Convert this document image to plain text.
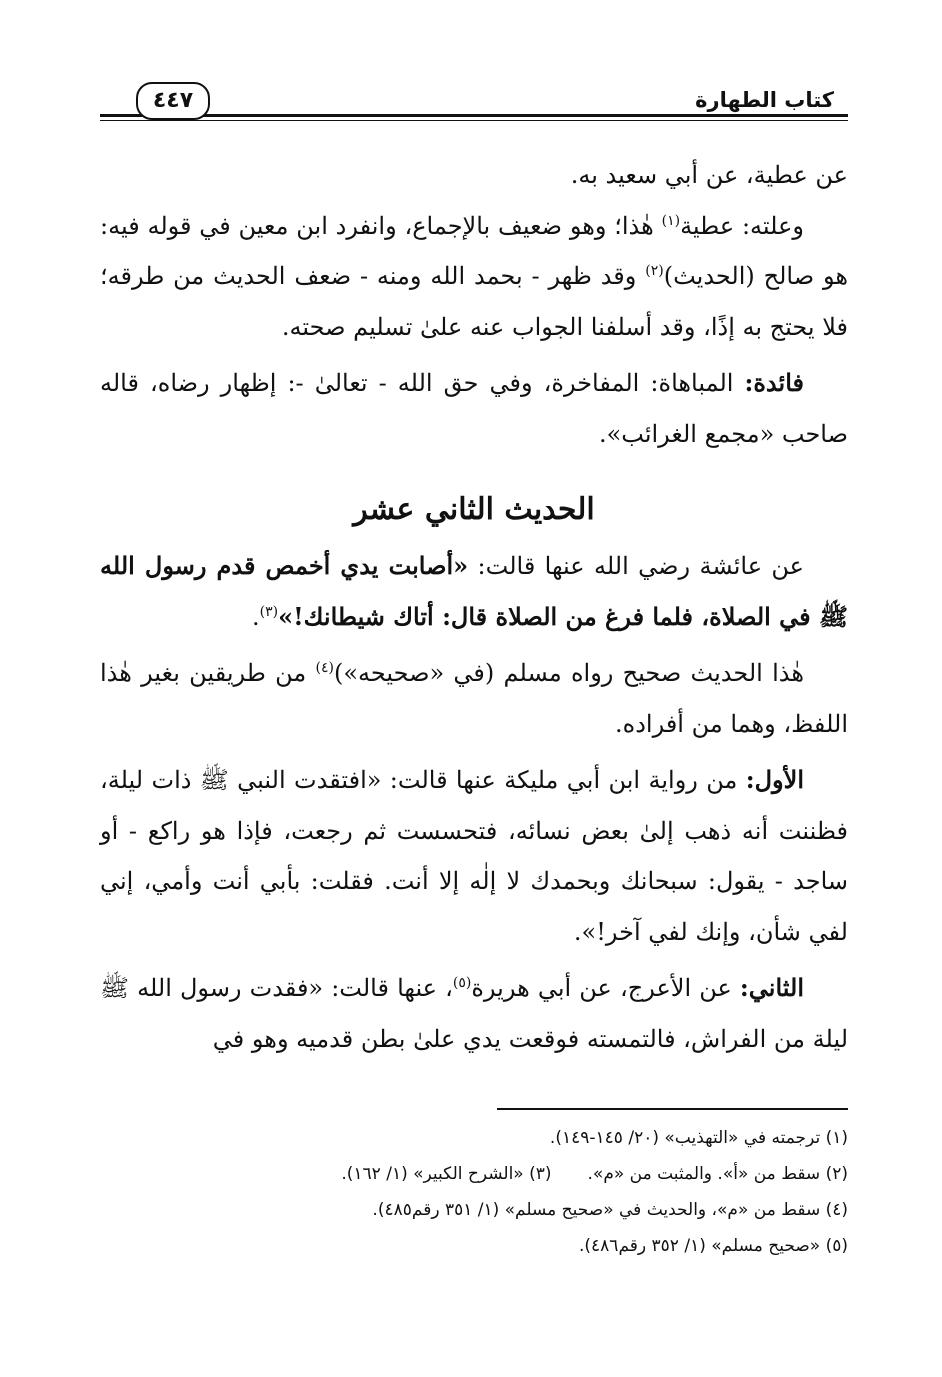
كتاب الطهارة
٤٤٧

عن عطية، عن أبي سعيد به.

وعلته: عطية$^{(١)}$ هٰذا؛ وهو ضعيف بالإجماع، وانفرد ابن معين في قوله فيه: هو صالح (الحديث)$^{(٢)}$ وقد ظهر - بحمد الله ومنه - ضعف الحديث من طرقه؛ فلا يحتج به إذًا، وقد أسلفنا الجواب عنه علىٰ تسليم صحته.

فائدة: المباهاة: المفاخرة، وفي حق الله - تعالىٰ -: إظهار رضاه، قاله صاحب «مجمع الغرائب».

الحديث الثاني عشر

عن عائشة رضي الله عنها قالت: «أصابت يدي أخمص قدم رسول الله ﷺ في الصلاة، فلما فرغ من الصلاة قال: أتاك شيطانك!»$^{(٣)}$.

هٰذا الحديث صحيح رواه مسلم (في «صحيحه»)$^{(٤)}$ من طريقين بغير هٰذا اللفظ، وهما من أفراده.

الأول: من رواية ابن أبي مليكة عنها قالت: «افتقدت النبي ﷺ ذات ليلة، فظننت أنه ذهب إلىٰ بعض نسائه، فتحسست ثم رجعت، فإذا هو راكع - أو ساجد - يقول: سبحانك وبحمدك لا إلٰه إلا أنت. فقلت: بأبي أنت وأمي، إني لفي شأن، وإنك لفي آخر!».

الثاني: عن الأعرج، عن أبي هريرة$^{(٥)}$، عنها قالت: «فقدت رسول الله ﷺ ليلة من الفراش، فالتمسته فوقعت يدي علىٰ بطن قدميه وهو في

(١) ترجمته في «التهذيب» (٢٠/ ١٤٥-١٤٩).

(٢) سقط من «أ». والمثبت من «م».(٣) «الشرح الكبير» (١/ ١٦٢).

(٤) سقط من «م»، والحديث في «صحيح مسلم» (١/ ٣٥١ رقم٤٨٥).

(٥) «صحيح مسلم» (١/ ٣٥٢ رقم٤٨٦).
